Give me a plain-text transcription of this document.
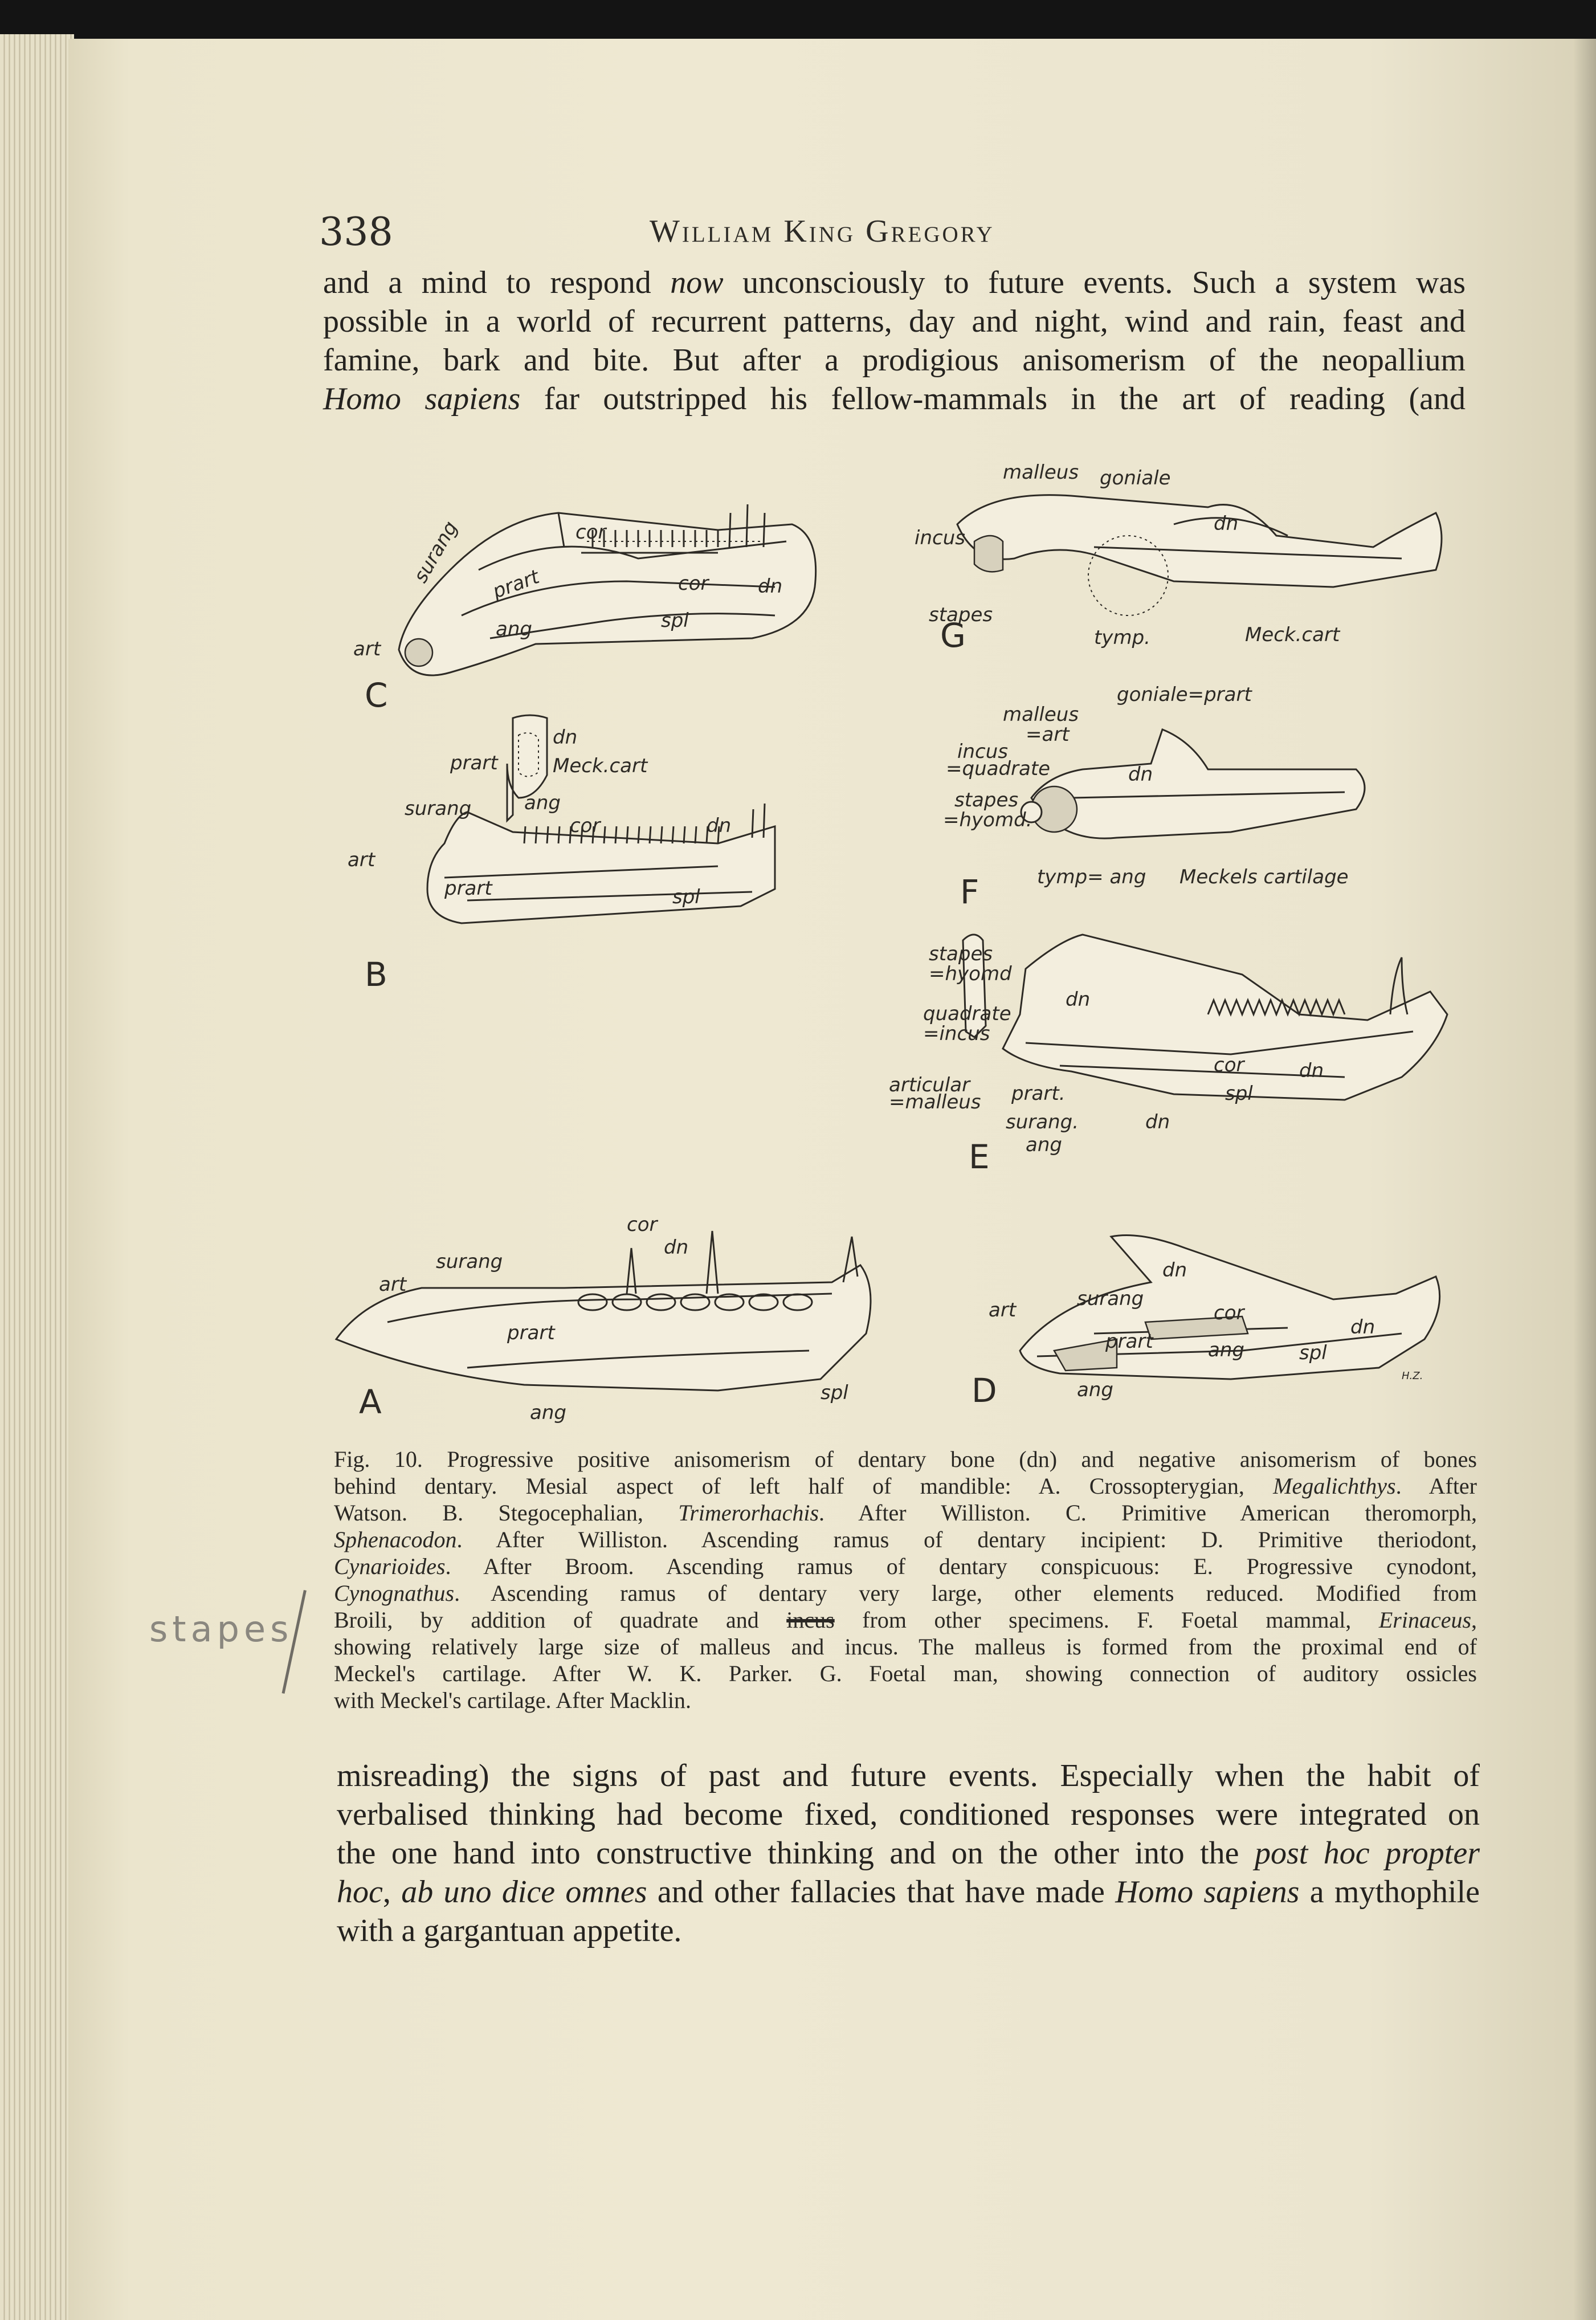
338	William King Gregory
and a mind to respond now unconsciously to future events. Such a system was
possible in a world of recurrent patterns, day and night, wind and rain, feast and
famine, bark and bite. But after a prodigious anisomerism of the neopallium
Homo sapiens far outstripped his fellow-mammals in the art of reading (and
cor
surang prart	cor	dn
spl
ang
art
C
dn
prart	Meck.cart
ang
surang
cor	dn
art
prart	spl
B
cor
dn
surang
art
prart
spl
ang
A
malleus goniale
dn
incus
stapes
tymp.	Meck.cart
G
goniale=prart
malleus
=art
incus
=quadrate	dn
stapes
=hyomd.
tymp= ang Meckels cartilage
F
stapes
=hyomd
dn
quadrate
=incus
cor	dn
articular
=malleus prart.	spl
surang.	dn
ang
E
dn
art	surang
cor
dn
prart	ang	spl
ang
H.Z.
D
Fig. 10. Progressive positive anisomerism of dentary bone (dn) and negative anisomerism of bones
behind dentary. Mesial aspect of left half of mandible: A. Crossopterygian, Megalichthys. After
Watson. B. Stegocephalian, Trimerorhachis. After Williston. C. Primitive American theromorph,
Sphenacodon. After Williston. Ascending ramus of dentary incipient: D. Primitive theriodont,
Cynarioides. After Broom. Ascending ramus of dentary conspicuous: E. Progressive cynodont,
Cynognathus. Ascending ramus of dentary very large, other elements reduced. Modified from
Broili, by addition of quadrate and incus from other specimens. F. Foetal mammal, Erinaceus,
showing relatively large size of malleus and incus. The malleus is formed from the proximal end of
Meckel's cartilage. After W. K. Parker. G. Foetal man, showing connection of auditory ossicles
with Meckel's cartilage. After Macklin.
stapes
misreading) the signs of past and future events. Especially when the habit of
verbalised thinking had become fixed, conditioned responses were integrated on
the one hand into constructive thinking and on the other into the post hoc propter
hoc, ab uno dice omnes and other fallacies that have made Homo sapiens a mythophile
with a gargantuan appetite.
